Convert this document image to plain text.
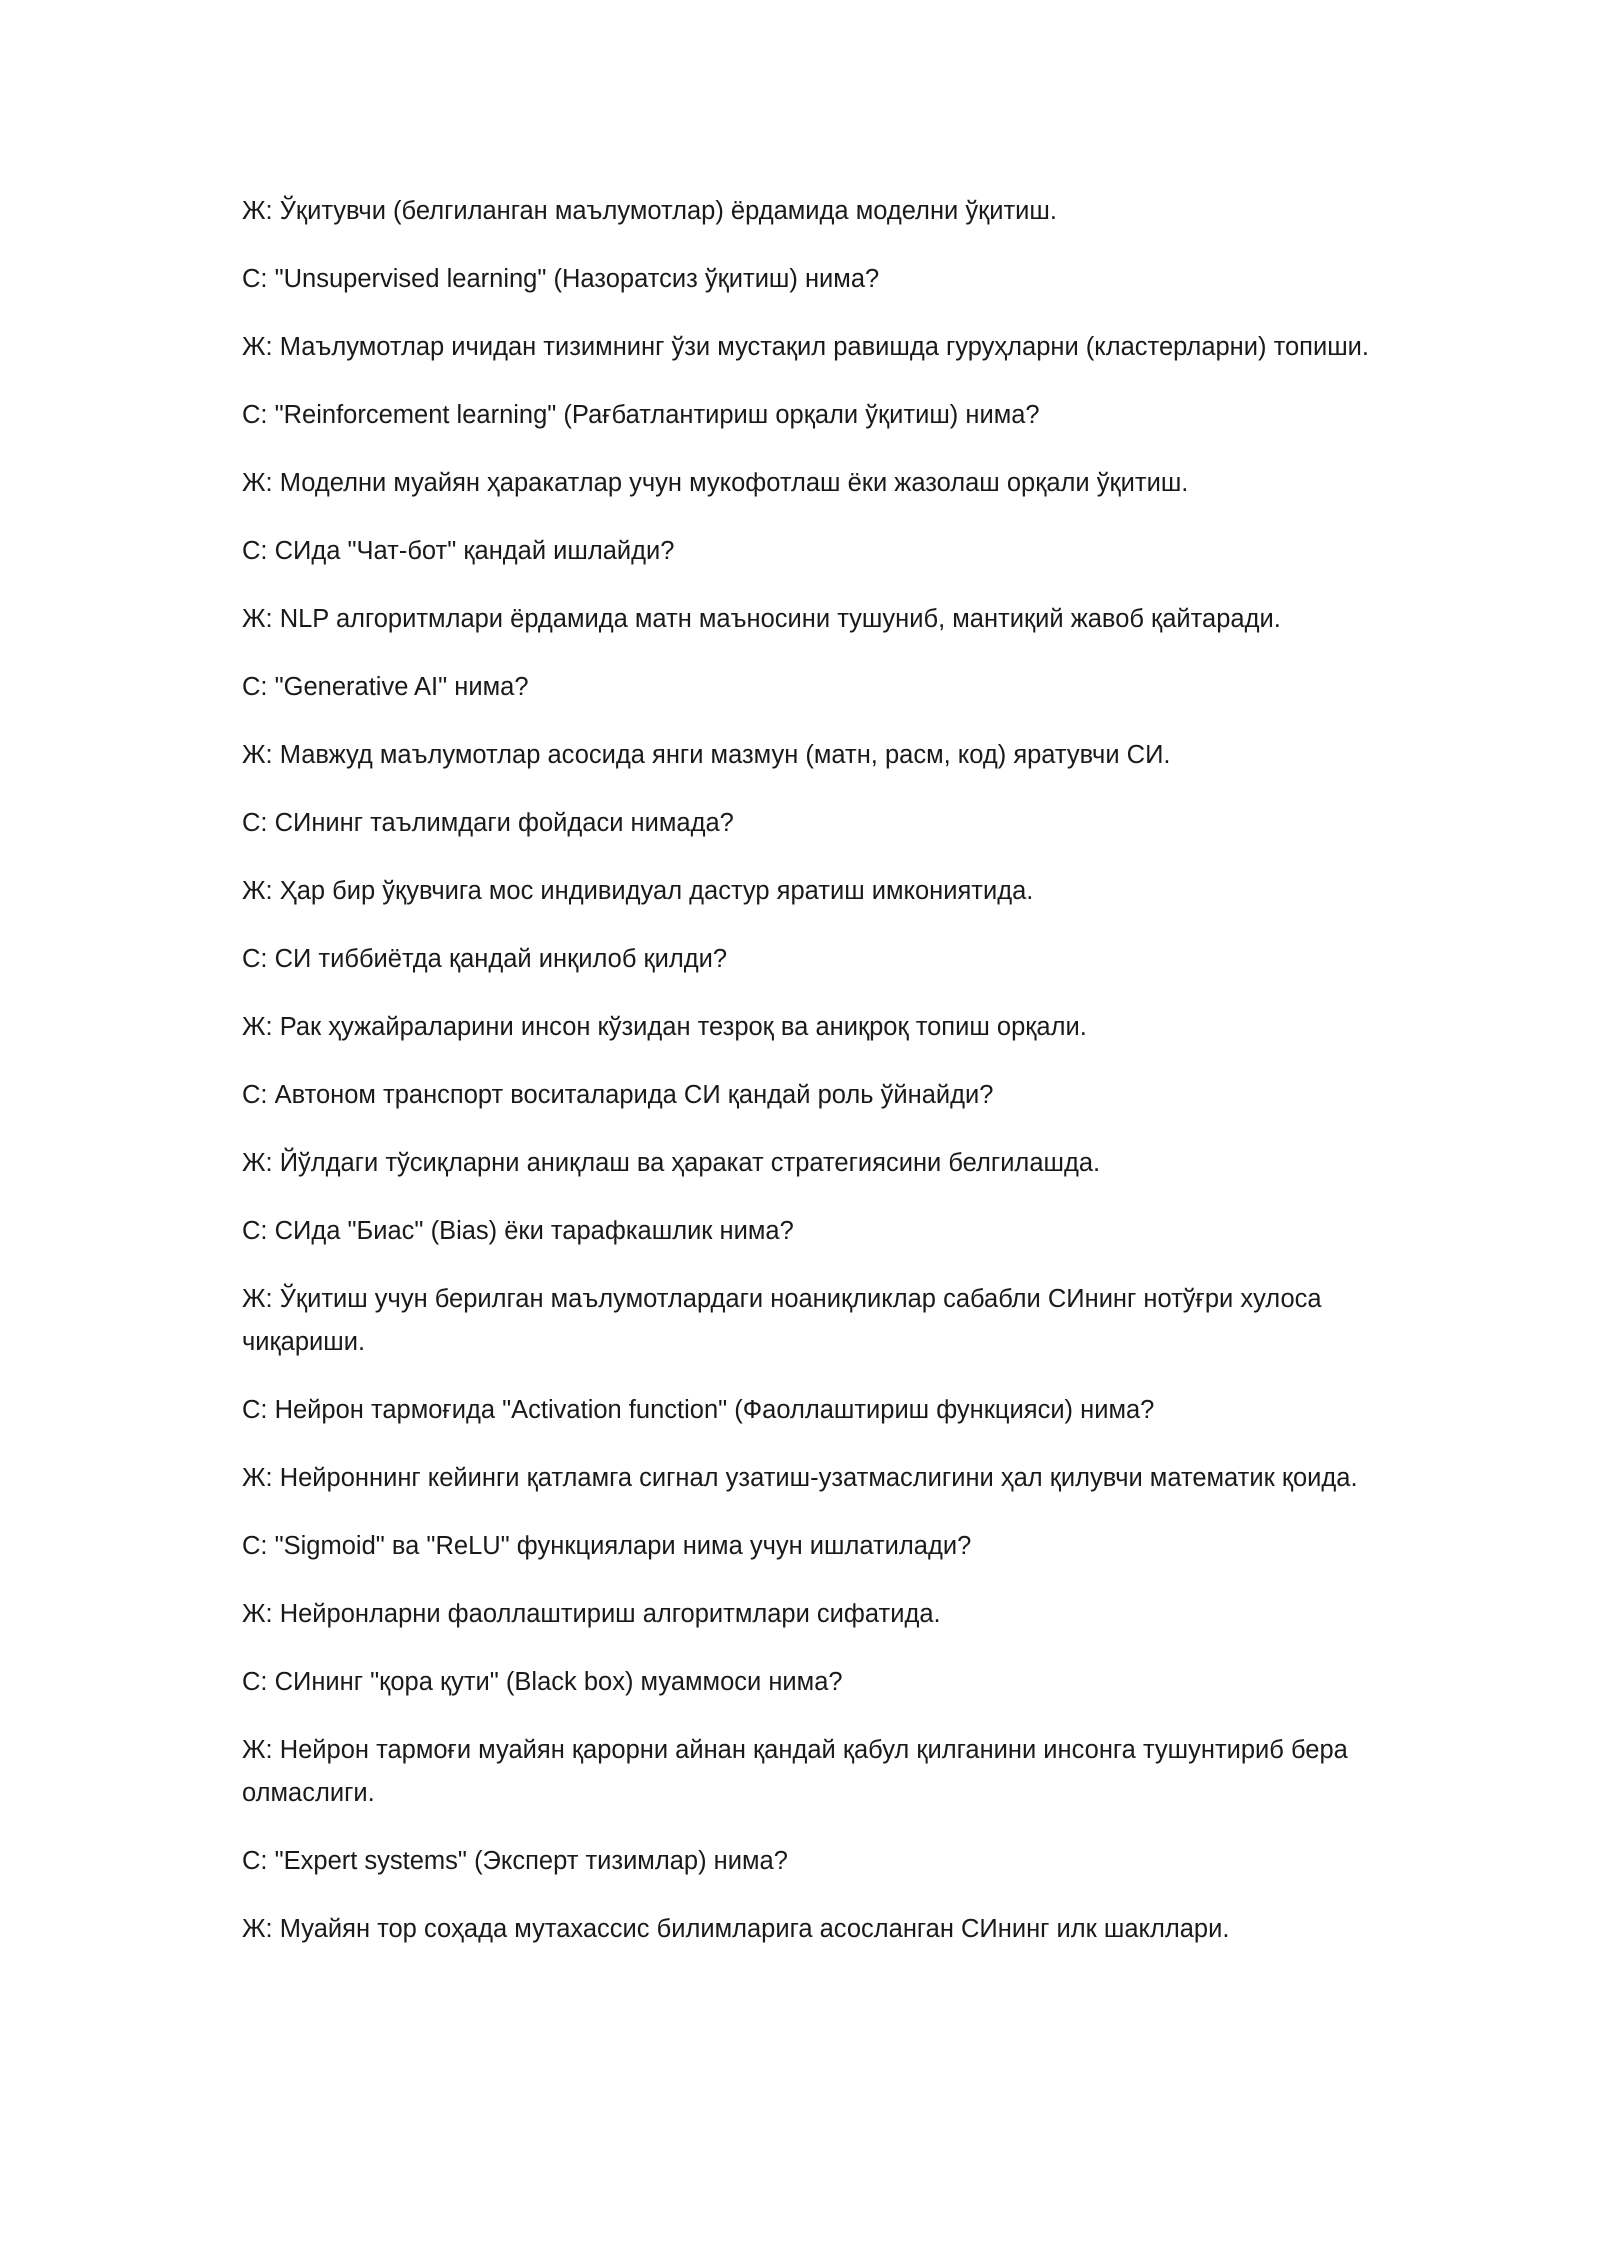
Ж: Ўқитувчи (белгиланган маълумотлар) ёрдамида моделни ўқитиш.

С: "Unsupervised learning" (Назоратсиз ўқитиш) нима?

Ж: Маълумотлар ичидан тизимнинг ўзи мустақил равишда гуруҳларни (кластерларни) топиши.

С: "Reinforcement learning" (Рағбатлантириш орқали ўқитиш) нима?

Ж: Моделни муайян ҳаракатлар учун мукофотлаш ёки жазолаш орқали ўқитиш.

С: СИда "Чат-бот" қандай ишлайди?

Ж: NLP алгоритмлари ёрдамида матн маъносини тушуниб, мантиқий жавоб қайтаради.

С: "Generative AI" нима?

Ж: Мавжуд маълумотлар асосида янги мазмун (матн, расм, код) яратувчи СИ.

С: СИнинг таълимдаги фойдаси нимада?

Ж: Ҳар бир ўқувчига мос индивидуал дастур яратиш имкониятида.

С: СИ тиббиётда қандай инқилоб қилди?

Ж: Рак ҳужайраларини инсон кўзидан тезроқ ва аниқроқ топиш орқали.

С: Автоном транспорт воситаларида СИ қандай роль ўйнайди?

Ж: Йўлдаги тўсиқларни аниқлаш ва ҳаракат стратегиясини белгилашда.

С: СИда "Биас" (Bias) ёки тарафкашлик нима?

Ж: Ўқитиш учун берилган маълумотлардаги ноаниқликлар сабабли СИнинг нотўғри хулоса чиқариши.

С: Нейрон тармоғида "Activation function" (Фаоллаштириш функцияси) нима?

Ж: Нейроннинг кейинги қатламга сигнал узатиш-узатмаслигини ҳал қилувчи математик қоида.

С: "Sigmoid" ва "ReLU" функциялари нима учун ишлатилади?

Ж: Нейронларни фаоллаштириш алгоритмлари сифатида.

С: СИнинг "қора қути" (Black box) муаммоси нима?

Ж: Нейрон тармоғи муайян қарорни айнан қандай қабул қилганини инсонга тушунтириб бера олмаслиги.

С: "Expert systems" (Эксперт тизимлар) нима?

Ж: Муайян тор соҳада мутахассис билимларига асосланган СИнинг илк шакллари.
